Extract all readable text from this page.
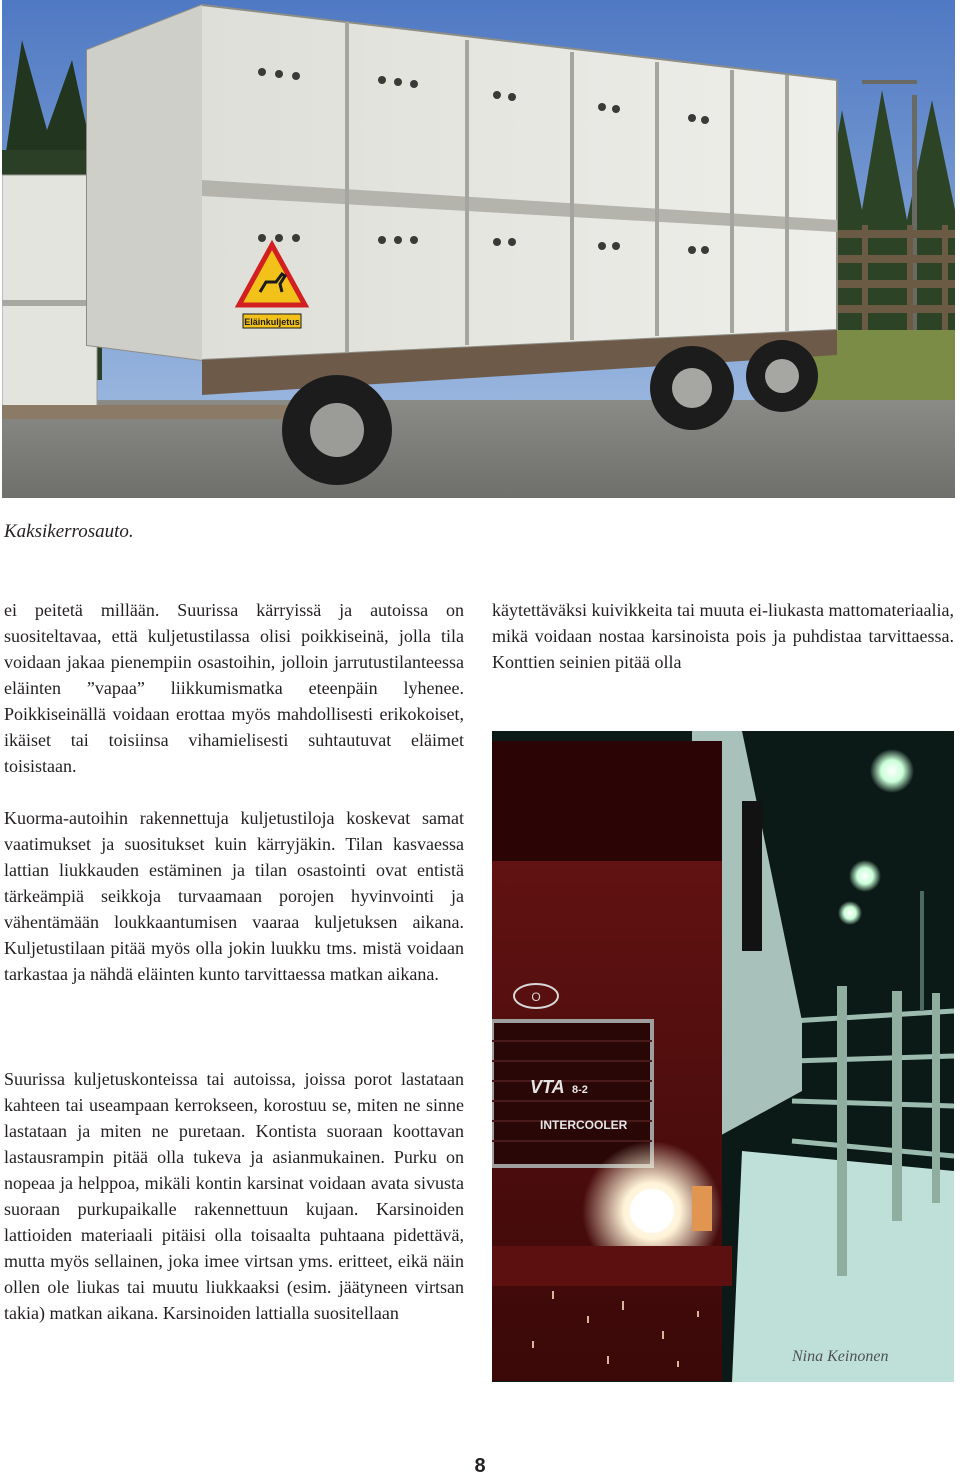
Eläinkuljetus

Kaksikerrosauto.

ei peitetä millään. Suurissa kärryissä ja autoissa on suositeltavaa, että kuljetustilassa olisi poikkiseinä, jolla tila voidaan jakaa pienempiin osastoihin, jolloin jarrutustilanteessa eläinten ”vapaa” liikkumismatka eteenpäin lyhenee. Poikkiseinällä voidaan erottaa myös mahdollisesti erikokoiset, ikäiset tai toisiinsa vihamielisesti suhtautuvat eläimet toisistaan.

Kuorma-autoihin rakennettuja kuljetustiloja koskevat samat vaatimukset ja suositukset kuin kärryjäkin. Tilan kasvaessa lattian liukkauden estäminen ja tilan osastointi ovat entistä tärkeämpiä seikkoja turvaamaan porojen hyvinvointi ja vähentämään loukkaantumisen vaaraa kuljetuksen aikana. Kuljetustilaan pitää myös olla jokin luukku tms. mistä voidaan tarkastaa ja nähdä eläinten kunto tarvittaessa matkan aikana.

Suurissa kuljetuskonteissa tai autoissa, joissa porot lastataan kahteen tai useampaan kerrokseen, korostuu se, miten ne sinne lastataan ja miten ne puretaan. Kontista suoraan koottavan lastausrampin pitää olla tukeva ja asianmukainen. Purku on nopeaa ja helppoa, mikäli kontin karsinat voidaan avata sivusta suoraan purkupaikalle rakennettuun kujaan. Karsinoiden lattioiden materiaali pitäisi olla toisaalta puhtaana pidettävä, mutta myös sellainen, joka imee virtsan yms. eritteet, eikä näin ollen ole liukas tai muutu liukkaaksi (esim. jäätyneen virtsan takia) matkan aikana. Karsinoiden lattialla suositellaan

käytettäväksi kuivikkeita tai muuta ei-liukasta mattomateriaalia, mikä voidaan nostaa karsinoista pois ja puhdistaa tarvittaessa. Konttien seinien pitää olla

O
VTA 8-2
INTERCOOLER
Nina Keinonen
8
